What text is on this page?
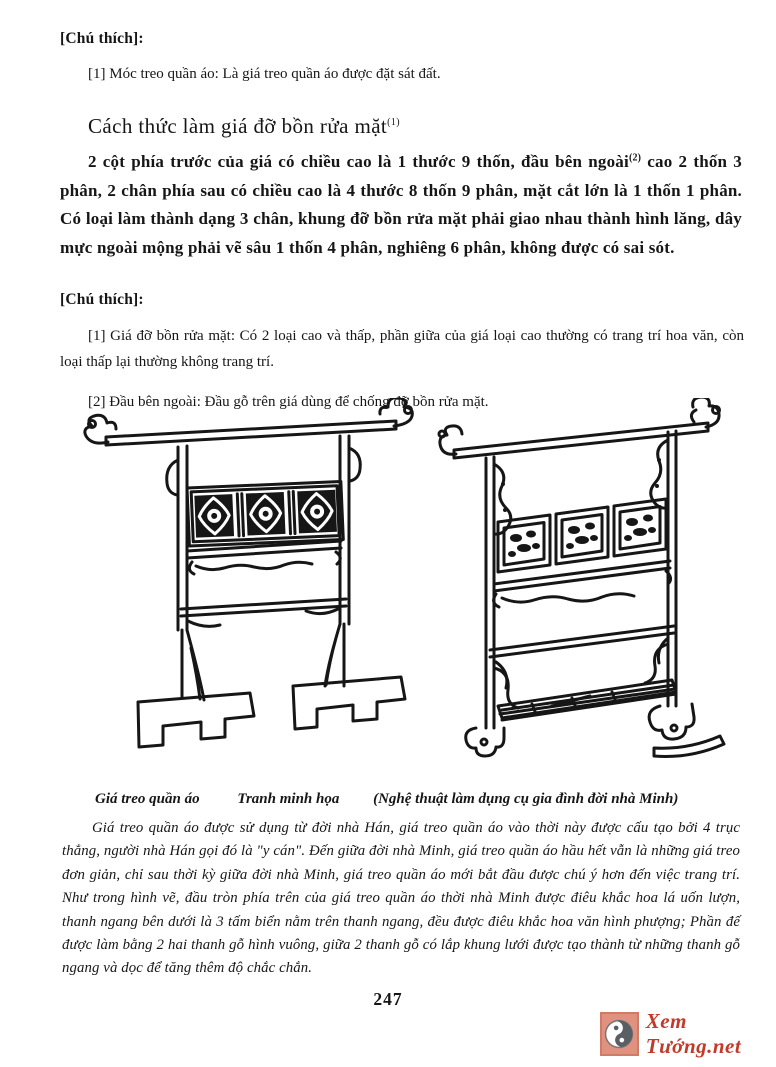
[Chú thích]:
[1] Móc treo quần áo: Là giá treo quần áo được đặt sát đất.
Cách thức làm giá đỡ bồn rửa mặt$^{(1)}$
2 cột phía trước của giá có chiều cao là 1 thước 9 thốn, đầu bên ngoài$^{(2)}$ cao 2 thốn 3 phân, 2 chân phía sau có chiều cao là 4 thước 8 thốn 9 phân, mặt cắt lớn là 1 thốn 1 phân. Có loại làm thành dạng 3 chân, khung đỡ bồn rửa mặt phải giao nhau thành hình lăng, dây mực ngoài mộng phải vẽ sâu 1 thốn 4 phân, nghiêng 6 phân, không được có sai sót.
[Chú thích]:
[1] Giá đỡ bồn rửa mặt: Có 2 loại cao và thấp, phần giữa của giá loại cao thường có trang trí hoa văn, còn loại thấp lại thường không trang trí.
[2] Đầu bên ngoài: Đầu gỗ trên giá dùng để chống đỡ bồn rửa mặt.
Giá treo quần áo	Tranh minh họa (Nghệ thuật làm dụng cụ gia đình đời nhà Minh)
Giá treo quần áo được sử dụng từ đời nhà Hán, giá treo quần áo vào thời này được cấu tạo bởi 4 trục thẳng, người nhà Hán gọi đó là "y cán". Đến giữa đời nhà Minh, giá treo quần áo hầu hết vẫn là những giá treo đơn giản, chỉ sau thời kỳ giữa đời nhà Minh, giá treo quần áo mới bắt đầu được chú ý hơn đến việc trang trí. Như trong hình vẽ, đầu tròn phía trên của giá treo quần áo thời nhà Minh được điêu khắc hoa lá uốn lượn, thanh ngang bên dưới là 3 tấm biển nằm trên thanh ngang, đều được điêu khắc hoa văn hình phượng; Phần đế được làm bằng 2 hai thanh gỗ hình vuông, giữa 2 thanh gỗ có lắp khung lưới được tạo thành từ những thanh gỗ ngang và dọc để tăng thêm độ chắc chắn.
247
Xem Tướng.net
